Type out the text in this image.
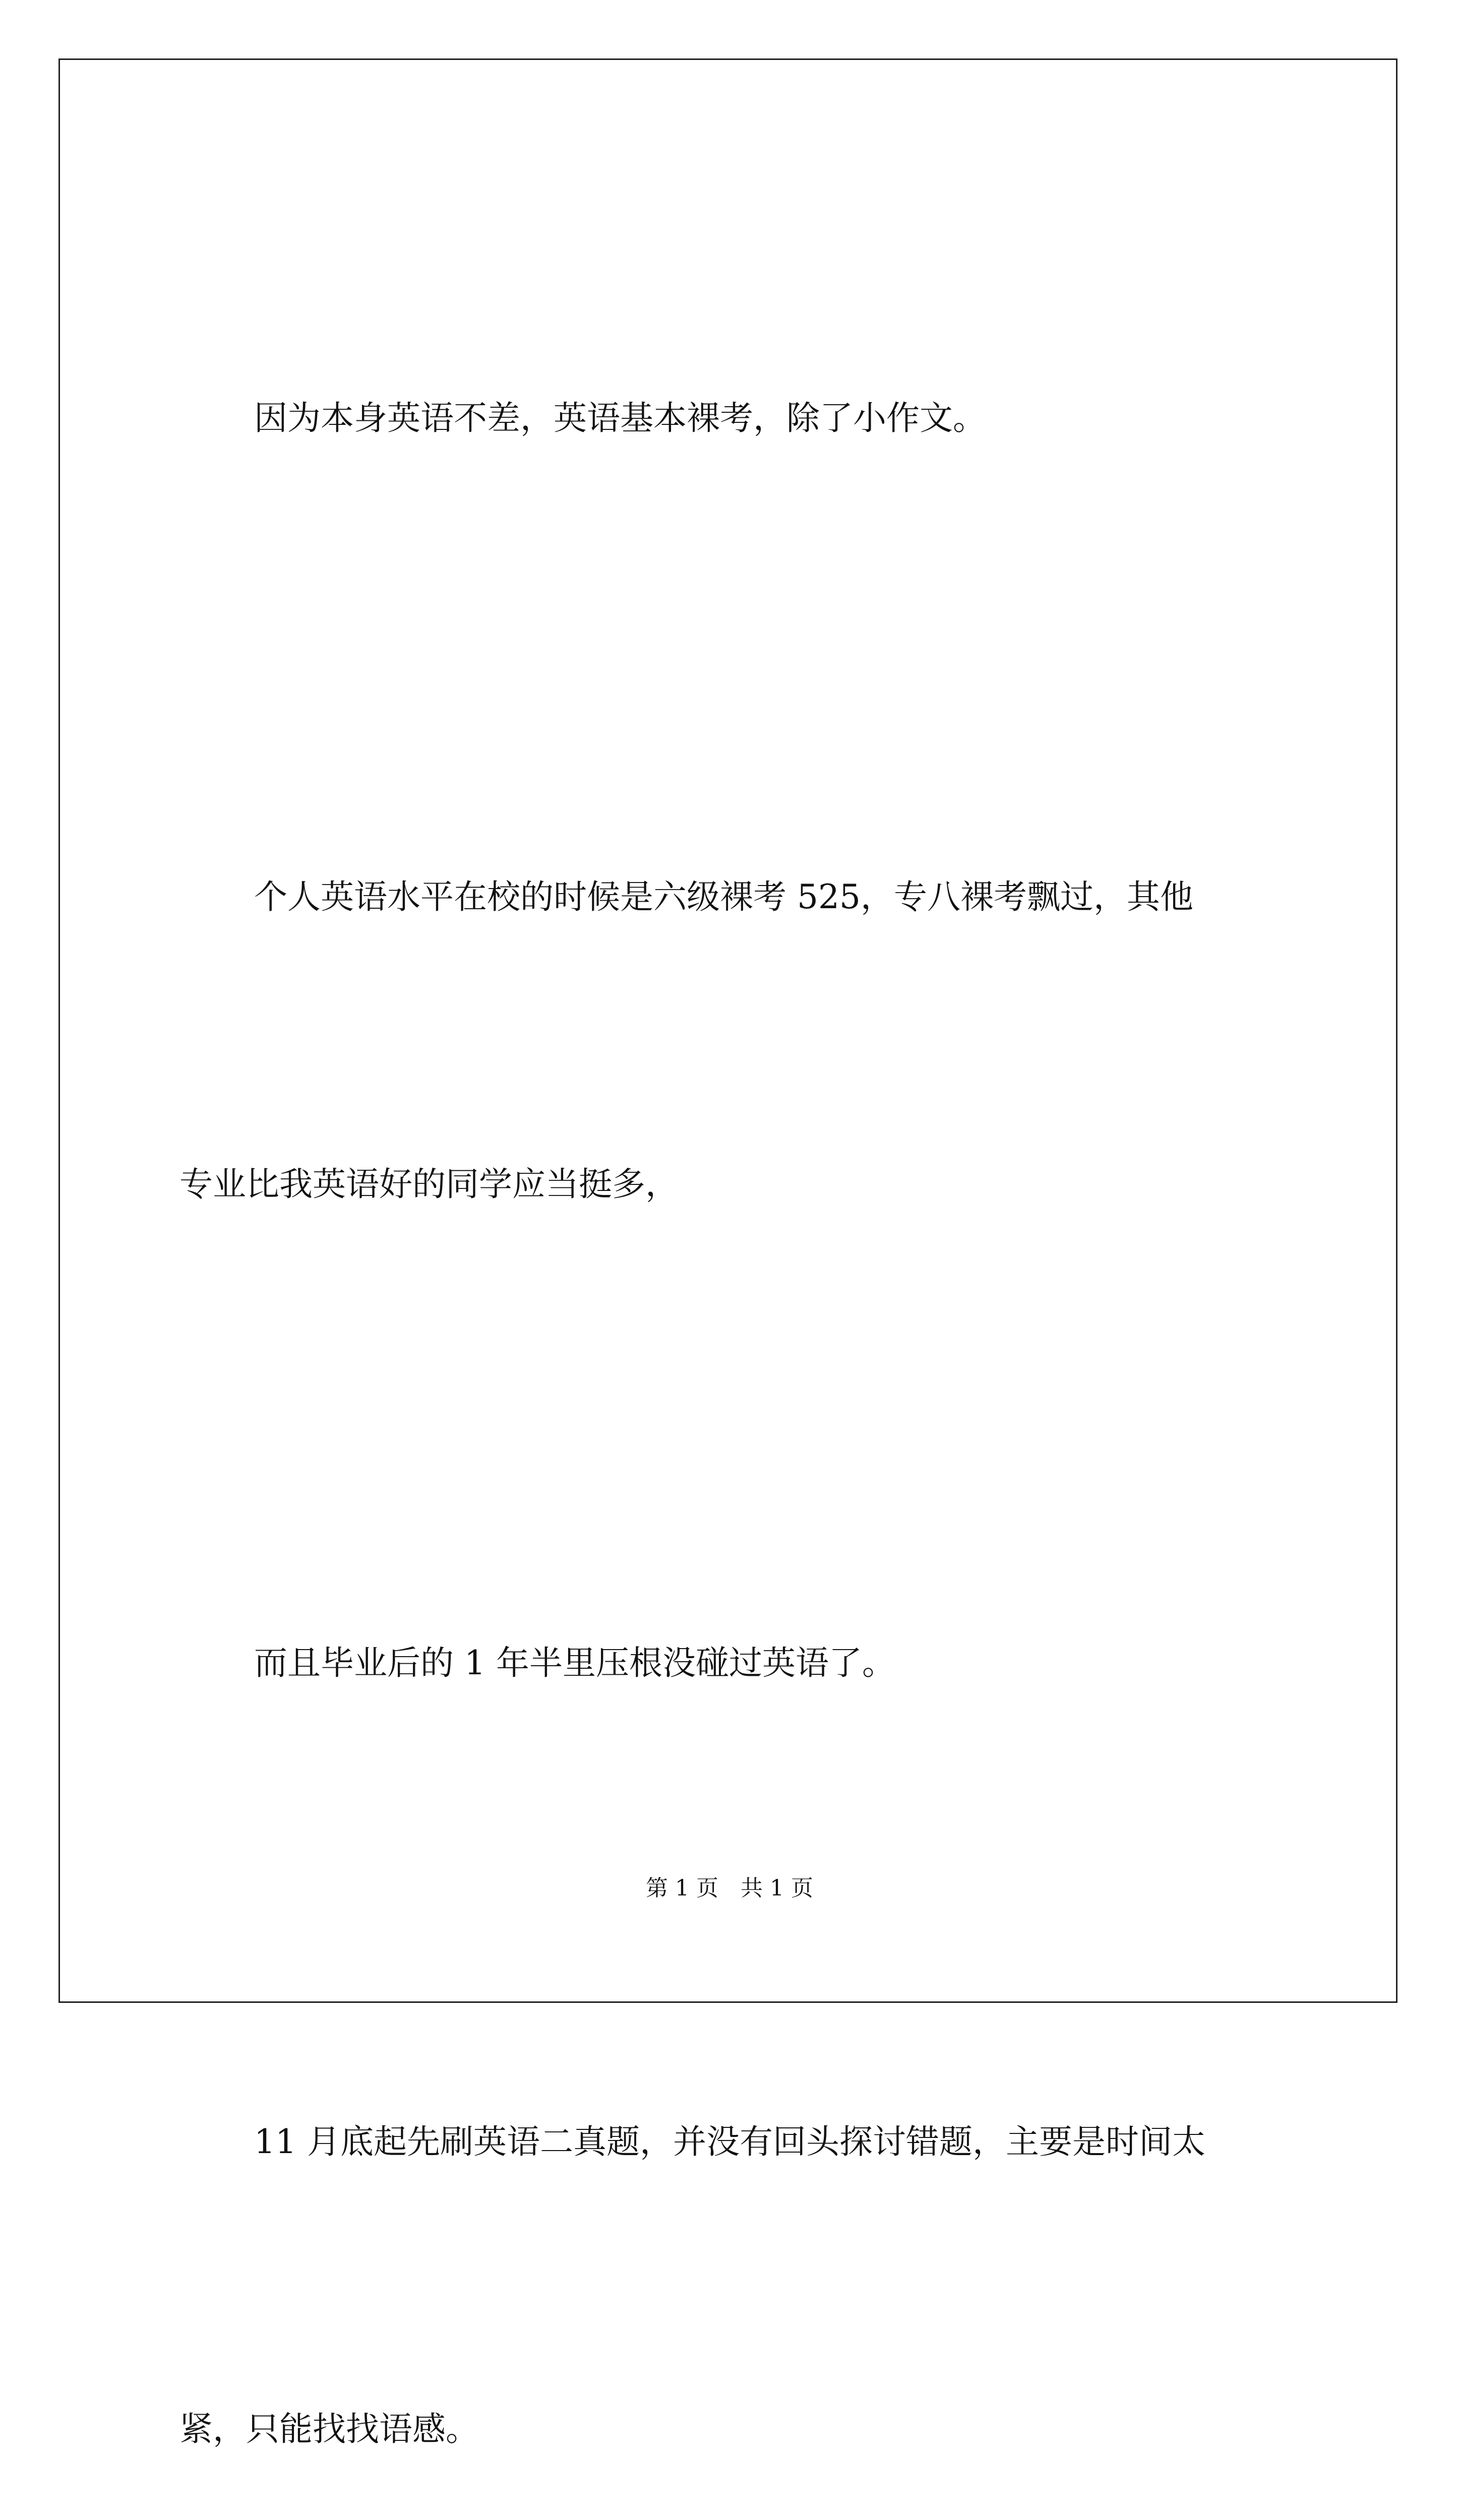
因为本身英语不差，英语基本裸考，除了小作文。

个人英语水平在校的时候是六级裸考 525，专八裸考飘过，其他

专业比我英语好的同学应当挺多，

而且毕业后的 1 年半里压根没碰过英语了。

11 月底起先刷英语二真题，并没有回头探讨错题，主要是时间太

紧，只能找找语感。

第 1 页　共 1 页
